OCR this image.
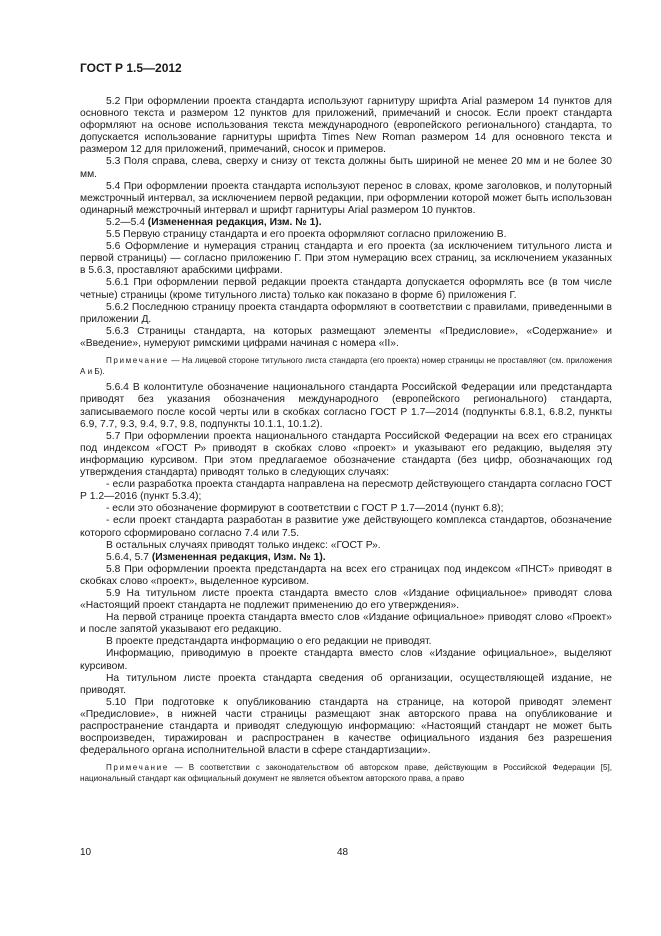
ГОСТ Р 1.5—2012

5.2 При оформлении проекта стандарта используют гарнитуру шрифта Arial размером 14 пунктов для основного текста и размером 12 пунктов для приложений, примечаний и сносок. Если проект стандарта оформляют на основе использования текста международного (европейского регионального) стандарта, то допускается использование гарнитуры шрифта Times New Roman размером 14 для основного текста и размером 12 для приложений, примечаний, сносок и примеров.

5.3 Поля справа, слева, сверху и снизу от текста должны быть шириной не менее 20 мм и не более 30 мм.

5.4 При оформлении проекта стандарта используют перенос в словах, кроме заголовков, и полуторный межстрочный интервал, за исключением первой редакции, при оформлении которой может быть использован одинарный межстрочный интервал и шрифт гарнитуры Arial размером 10 пунктов.

5.2—5.4 (Измененная редакция, Изм. № 1).

5.5 Первую страницу стандарта и его проекта оформляют согласно приложению В.

5.6 Оформление и нумерация страниц стандарта и его проекта (за исключением титульного листа и первой страницы) — согласно приложению Г. При этом нумерацию всех страниц, за исключением указанных в 5.6.3, проставляют арабскими цифрами.

5.6.1 При оформлении первой редакции проекта стандарта допускается оформлять все (в том числе четные) страницы (кроме титульного листа) только как показано в форме б) приложения Г.

5.6.2 Последнюю страницу проекта стандарта оформляют в соответствии с правилами, приведенными в приложении Д.

5.6.3 Страницы стандарта, на которых размещают элементы «Предисловие», «Содержание» и «Введение», нумеруют римскими цифрами начиная с номера «II».

Примечание — На лицевой стороне титульного листа стандарта (его проекта) номер страницы не проставляют (см. приложения А и Б).

5.6.4 В колонтитуле обозначение национального стандарта Российской Федерации или предстандарта приводят без указания обозначения международного (европейского регионального) стандарта, записываемого после косой черты или в скобках согласно ГОСТ Р 1.7—2014 (подпункты 6.8.1, 6.8.2, пункты 6.9, 7.7, 9.3, 9.4, 9.7, 9.8, подпункты 10.1.1, 10.1.2).

5.7 При оформлении проекта национального стандарта Российской Федерации на всех его страницах под индексом «ГОСТ Р» приводят в скобках слово «проект» и указывают его редакцию, выделяя эту информацию курсивом. При этом предлагаемое обозначение стандарта (без цифр, обозначающих год утверждения стандарта) приводят только в следующих случаях:

- если разработка проекта стандарта направлена на пересмотр действующего стандарта согласно ГОСТ Р 1.2—2016 (пункт 5.3.4);

- если это обозначение формируют в соответствии с ГОСТ Р 1.7—2014 (пункт 6.8);

- если проект стандарта разработан в развитие уже действующего комплекса стандартов, обозначение которого сформировано согласно 7.4 или 7.5.

В остальных случаях приводят только индекс: «ГОСТ Р».

5.6.4, 5.7 (Измененная редакция, Изм. № 1).

5.8 При оформлении проекта предстандарта на всех его страницах под индексом «ПНСТ» приводят в скобках слово «проект», выделенное курсивом.

5.9 На титульном листе проекта стандарта вместо слов «Издание официальное» приводят слова «Настоящий проект стандарта не подлежит применению до его утверждения».

На первой странице проекта стандарта вместо слов «Издание официальное» приводят слово «Проект» и после запятой указывают его редакцию.

В проекте предстандарта информацию о его редакции не приводят.

Информацию, приводимую в проекте стандарта вместо слов «Издание официальное», выделяют курсивом.

На титульном листе проекта стандарта сведения об организации, осуществляющей издание, не приводят.

5.10 При подготовке к опубликованию стандарта на странице, на которой приводят элемент «Предисловие», в нижней части страницы размещают знак авторского права на опубликование и распространение стандарта и приводят следующую информацию: «Настоящий стандарт не может быть воспроизведен, тиражирован и распространен в качестве официального издания без разрешения федерального органа исполнительной власти в сфере стандартизации».

Примечание — В соответствии с законодательством об авторском праве, действующим в Российской Федерации [5], национальный стандарт как официальный документ не является объектом авторского права, а право

10	48
